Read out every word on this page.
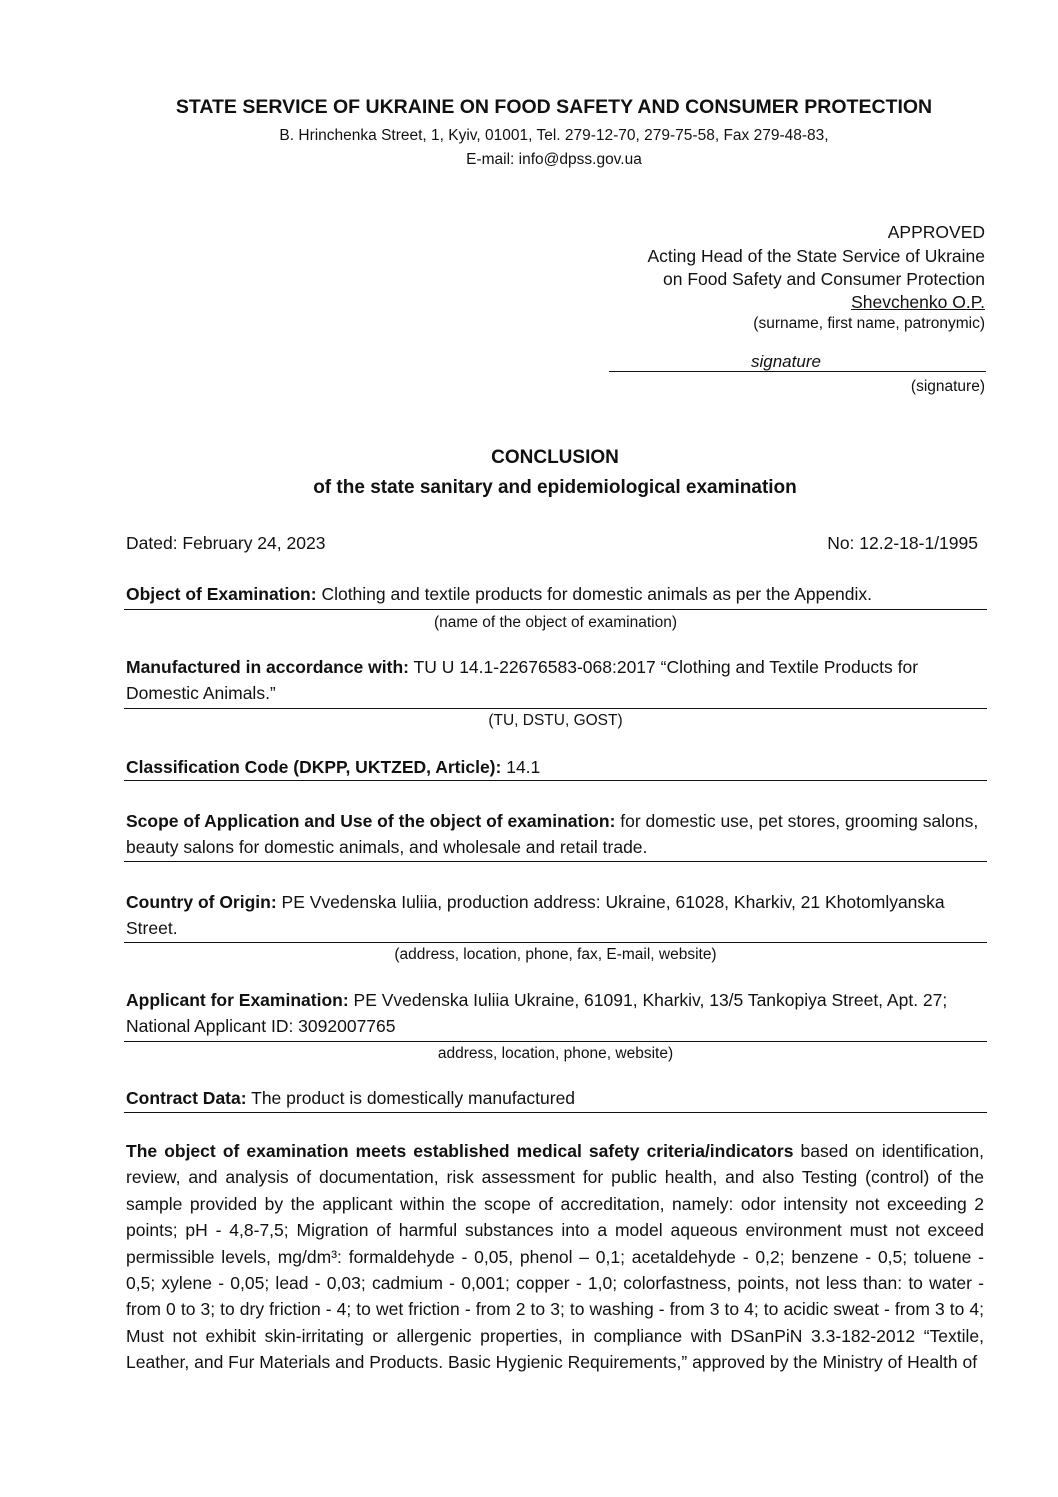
STATE SERVICE OF UKRAINE ON FOOD SAFETY AND CONSUMER PROTECTION
B. Hrinchenka Street, 1, Kyiv, 01001, Tel. 279-12-70, 279-75-58, Fax 279-48-83,
E-mail: info@dpss.gov.ua
APPROVED
Acting Head of the State Service of Ukraine
on Food Safety and Consumer Protection
Shevchenko O.P.
(surname, first name, patronymic)
signature
(signature)
CONCLUSION
of the state sanitary and epidemiological examination
Dated: February 24, 2023	No: 12.2-18-1/1995
Object of Examination: Clothing and textile products for domestic animals as per the Appendix.
(name of the object of examination)
Manufactured in accordance with: TU U 14.1-22676583-068:2017 “Clothing and Textile Products for Domestic Animals.”
(TU, DSTU, GOST)
Classification Code (DKPP, UKTZED, Article): 14.1
Scope of Application and Use of the object of examination: for domestic use, pet stores, grooming salons, beauty salons for domestic animals, and wholesale and retail trade.
Country of Origin: PE Vvedenska Iuliia, production address: Ukraine, 61028, Kharkiv, 21 Khotomlyanska Street.
(address, location, phone, fax, E-mail, website)
Applicant for Examination: PE Vvedenska Iuliia Ukraine, 61091, Kharkiv, 13/5 Tankopiya Street, Apt. 27; National Applicant ID: 3092007765
address, location, phone, website)
Contract Data: The product is domestically manufactured
The object of examination meets established medical safety criteria/indicators based on identification, review, and analysis of documentation, risk assessment for public health, and also Testing (control) of the sample provided by the applicant within the scope of accreditation, namely: odor intensity not exceeding 2 points; pH - 4,8-7,5; Migration of harmful substances into a model aqueous environment must not exceed permissible levels, mg/dm³: formaldehyde - 0,05, phenol – 0,1; acetaldehyde - 0,2; benzene - 0,5; toluene - 0,5; xylene - 0,05; lead - 0,03; cadmium - 0,001; copper - 1,0; colorfastness, points, not less than: to water - from 0 to 3; to dry friction - 4; to wet friction - from 2 to 3; to washing - from 3 to 4; to acidic sweat - from 3 to 4; Must not exhibit skin-irritating or allergenic properties, in compliance with DSanPiN 3.3-182-2012 “Textile, Leather, and Fur Materials and Products. Basic Hygienic Requirements,” approved by the Ministry of Health of
